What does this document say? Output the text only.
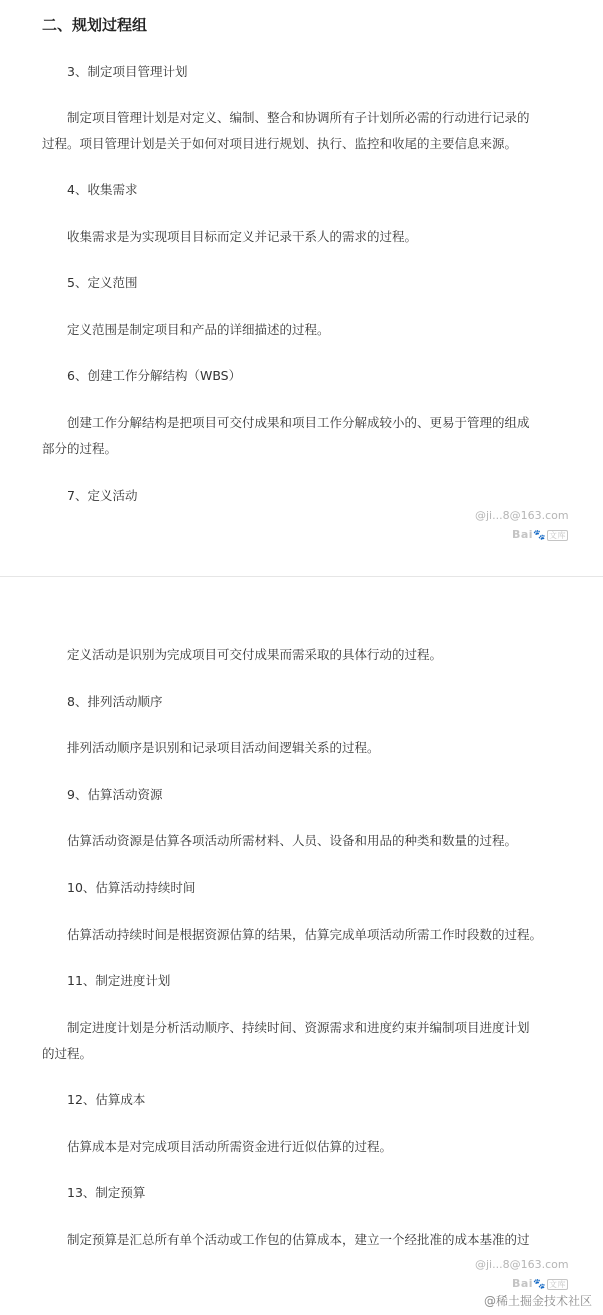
二、规划过程组
3、制定项目管理计划
制定项目管理计划是对定义、编制、整合和协调所有子计划所必需的行动进行记录的
过程。项目管理计划是关于如何对项目进行规划、执行、监控和收尾的主要信息来源。
4、收集需求
收集需求是为实现项目目标而定义并记录干系人的需求的过程。
5、定义范围
定义范围是制定项目和产品的详细描述的过程。
6、创建工作分解结构（WBS）
创建工作分解结构是把项目可交付成果和项目工作分解成较小的、更易于管理的组成
部分的过程。
7、定义活动
@ji...8@163.com
Bai🐾 文库
定义活动是识别为完成项目可交付成果而需采取的具体行动的过程。
8、排列活动顺序
排列活动顺序是识别和记录项目活动间逻辑关系的过程。
9、估算活动资源
估算活动资源是估算各项活动所需材料、人员、设备和用品的种类和数量的过程。
10、估算活动持续时间
估算活动持续时间是根据资源估算的结果，估算完成单项活动所需工作时段数的过程。
11、制定进度计划
制定进度计划是分析活动顺序、持续时间、资源需求和进度约束并编制项目进度计划
的过程。
12、估算成本
估算成本是对完成项目活动所需资金进行近似估算的过程。
13、制定预算
制定预算是汇总所有单个活动或工作包的估算成本，建立一个经批准的成本基准的过
@ji...8@163.com
Bai🐾 文库
@稀土掘金技术社区
